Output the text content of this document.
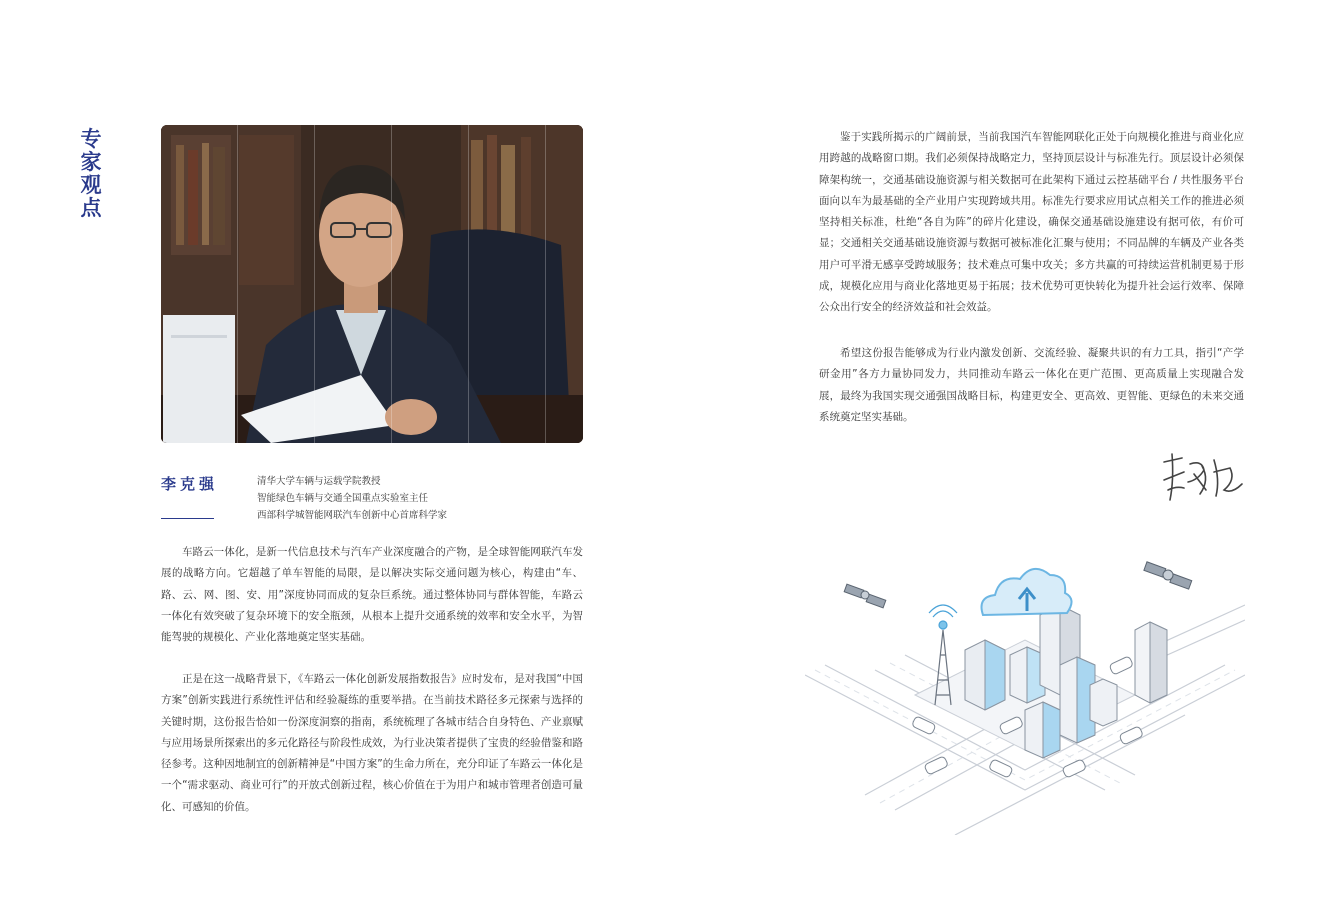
专家观点
李克强	清华大学车辆与运载学院教授
智能绿色车辆与交通全国重点实验室主任
西部科学城智能网联汽车创新中心首席科学家

车路云一体化，是新一代信息技术与汽车产业深度融合的产物，是全球智能网联汽车发展的战略方向。它超越了单车智能的局限，是以解决实际交通问题为核心，构建由“车、路、云、网、图、安、用”深度协同而成的复杂巨系统。通过整体协同与群体智能，车路云一体化有效突破了复杂环境下的安全瓶颈，从根本上提升交通系统的效率和安全水平，为智能驾驶的规模化、产业化落地奠定坚实基础。

正是在这一战略背景下，《车路云一体化创新发展指数报告》应时发布，是对我国“中国方案”创新实践进行系统性评估和经验凝练的重要举措。在当前技术路径多元探索与选择的关键时期，这份报告恰如一份深度洞察的指南，系统梳理了各城市结合自身特色、产业禀赋与应用场景所探索出的多元化路径与阶段性成效，为行业决策者提供了宝贵的经验借鉴和路径参考。这种因地制宜的创新精神是“中国方案”的生命力所在，充分印证了车路云一体化是一个“需求驱动、商业可行”的开放式创新过程，核心价值在于为用户和城市管理者创造可量化、可感知的价值。

鉴于实践所揭示的广阔前景，当前我国汽车智能网联化正处于向规模化推进与商业化应用跨越的战略窗口期。我们必须保持战略定力，坚持顶层设计与标准先行。顶层设计必须保障架构统一，交通基础设施资源与相关数据可在此架构下通过云控基础平台 / 共性服务平台面向以车为最基础的全产业用户实现跨域共用。标准先行要求应用试点相关工作的推进必须坚持相关标准，杜绝“各自为阵”的碎片化建设，确保交通基础设施建设有据可依，有价可显；交通相关交通基础设施资源与数据可被标准化汇聚与使用；不同品牌的车辆及产业各类用户可平滑无感享受跨域服务；技术难点可集中攻关；多方共赢的可持续运营机制更易于形成，规模化应用与商业化落地更易于拓展；技术优势可更快转化为提升社会运行效率、保障公众出行安全的经济效益和社会效益。

希望这份报告能够成为行业内激发创新、交流经验、凝聚共识的有力工具，指引“产学研金用”各方力量协同发力，共同推动车路云一体化在更广范围、更高质量上实现融合发展，最终为我国实现交通强国战略目标，构建更安全、更高效、更智能、更绿色的未来交通系统奠定坚实基础。
